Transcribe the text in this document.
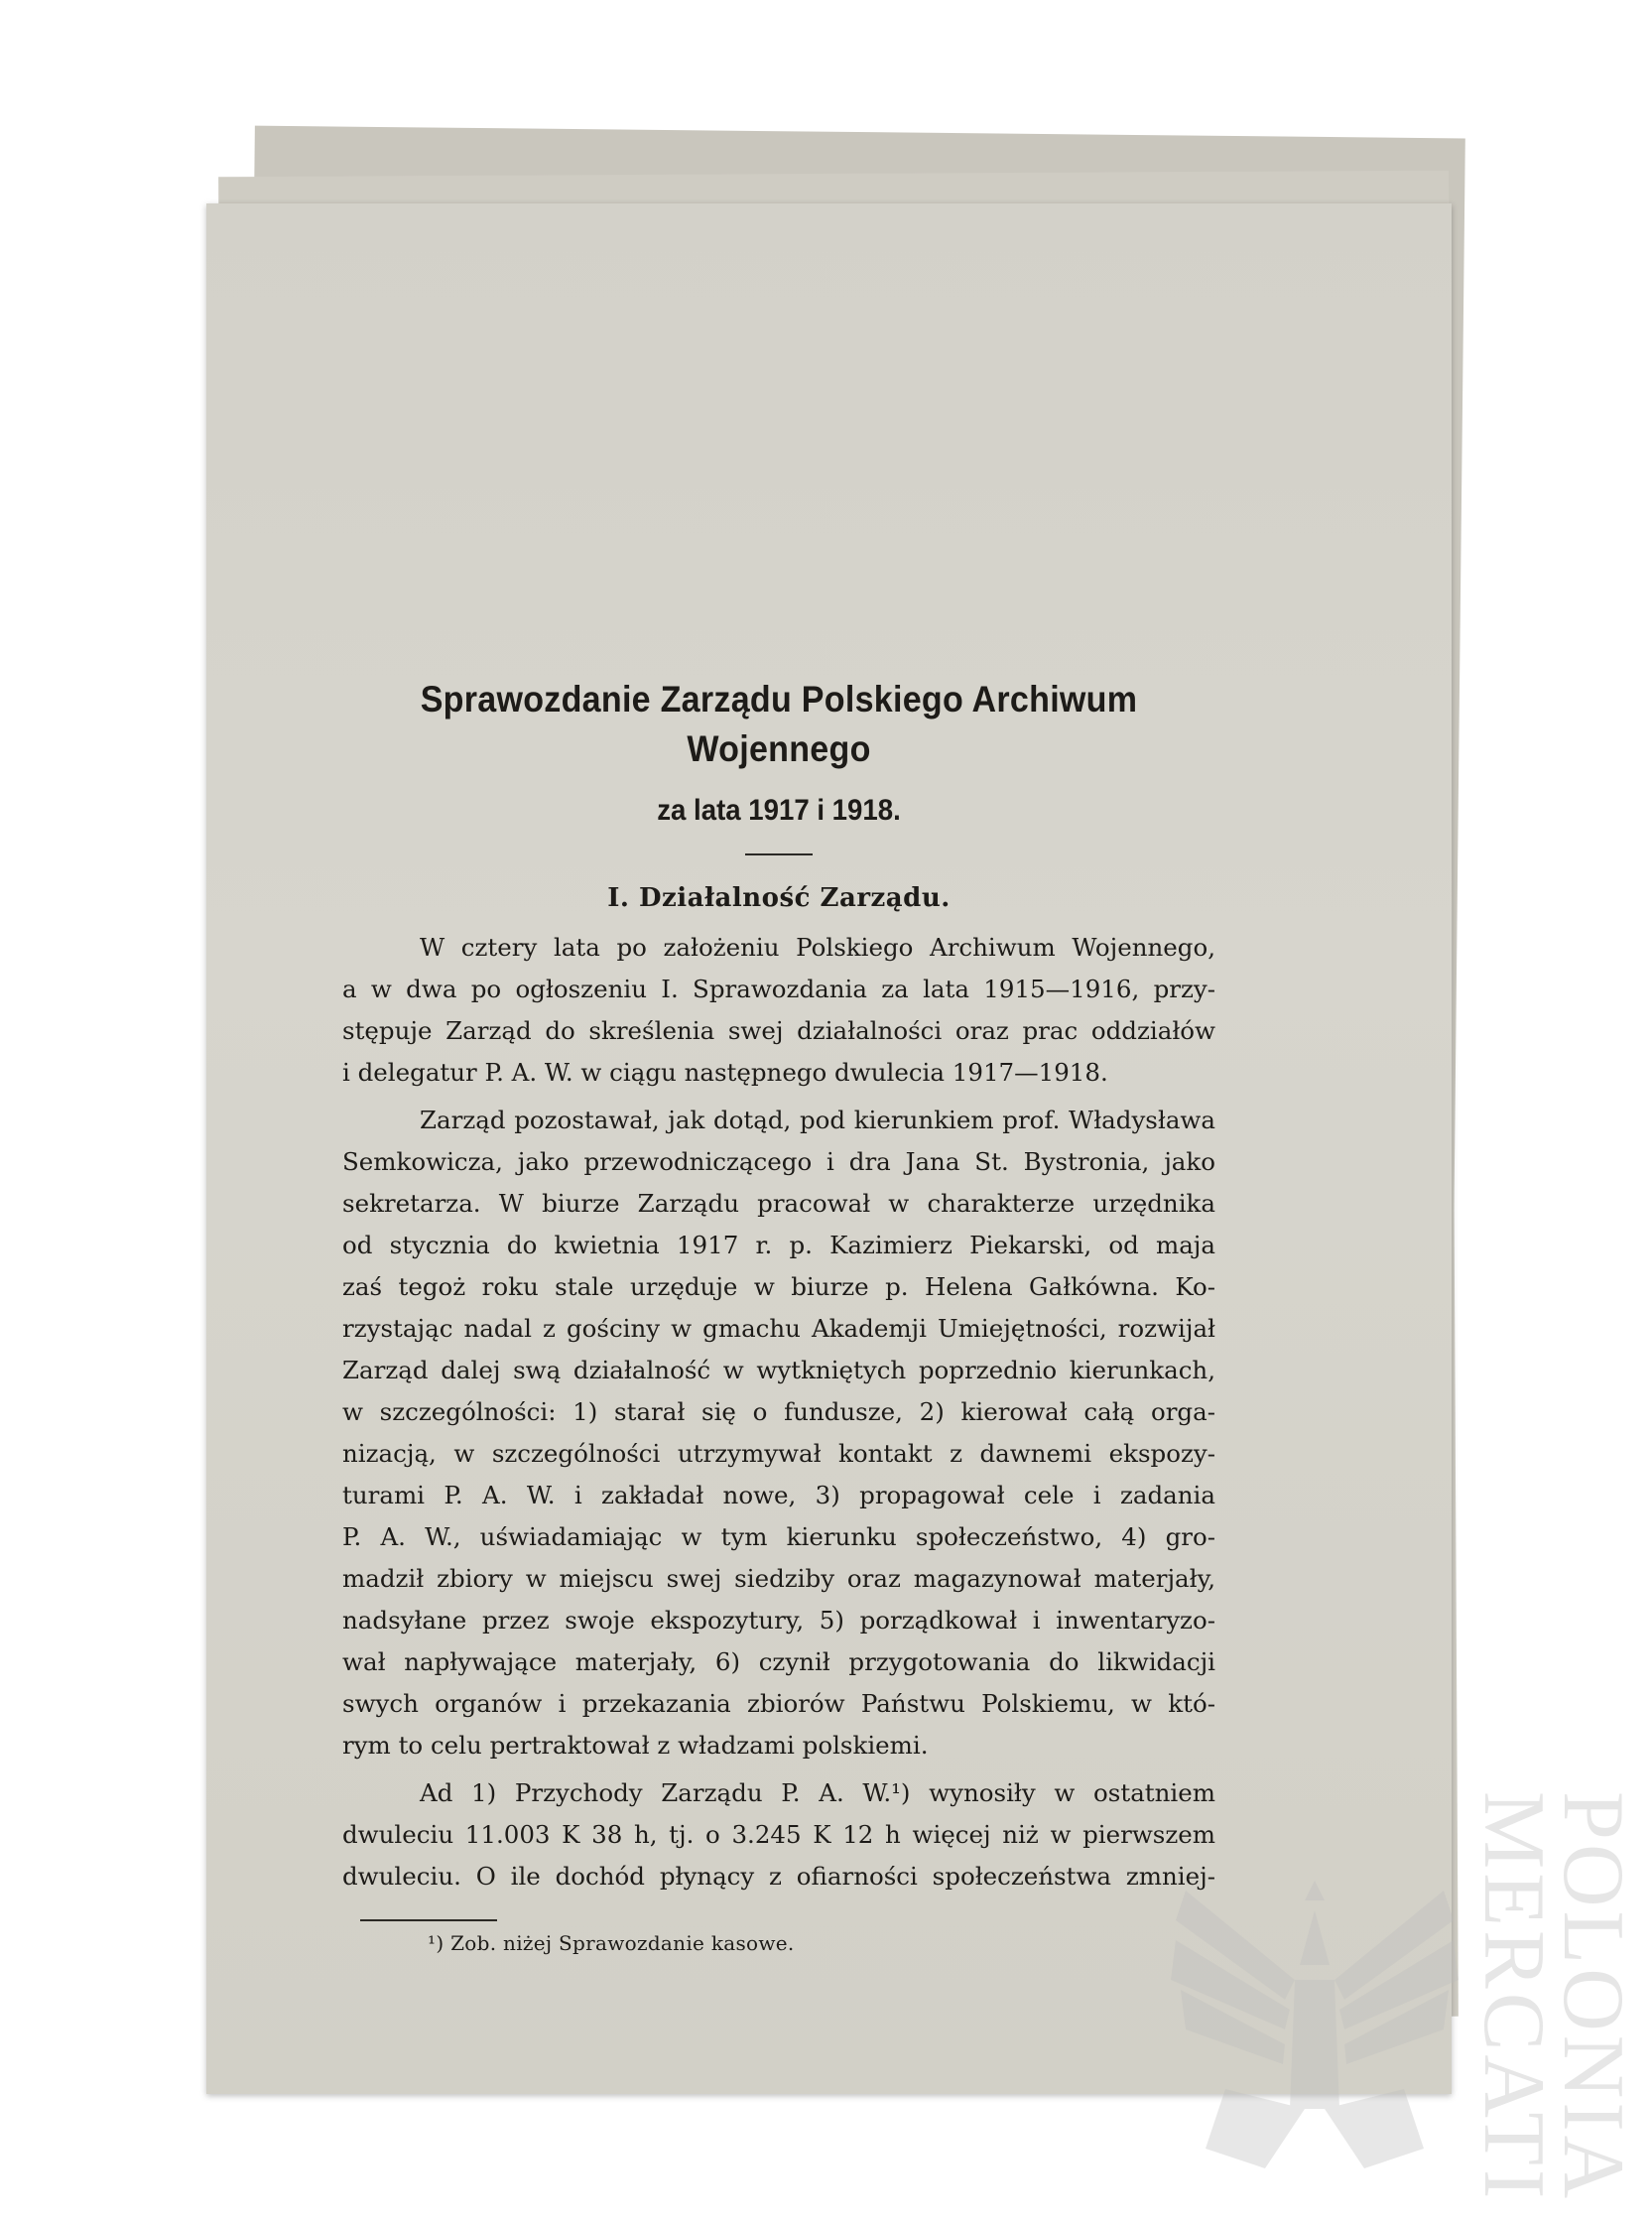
Sprawozdanie Zarządu Polskiego Archiwum Wojennego
za lata 1917 i 1918.
I. Działalność Zarządu.
W cztery lata po założeniu Polskiego Archiwum Wojennego,
a w dwa po ogłoszeniu I. Sprawozdania za lata 1915—1916, przy-
stępuje Zarząd do skreślenia swej działalności oraz prac oddziałów
i delegatur P. A. W. w ciągu następnego dwulecia 1917—1918.
Zarząd pozostawał, jak dotąd, pod kierunkiem prof. Władysława
Semkowicza, jako przewodniczącego i dra Jana St. Bystronia, jako
sekretarza. W biurze Zarządu pracował w charakterze urzędnika
od stycznia do kwietnia 1917 r. p. Kazimierz Piekarski, od maja
zaś tegoż roku stale urzęduje w biurze p. Helena Gałkówna. Ko-
rzystając nadal z gościny w gmachu Akademji Umiejętności, rozwijał
Zarząd dalej swą działalność w wytkniętych poprzednio kierunkach,
w szczególności: 1) starał się o fundusze, 2) kierował całą orga-
nizacją, w szczególności utrzymywał kontakt z dawnemi ekspozy-
turami P. A. W. i zakładał nowe, 3) propagował cele i zadania
P. A. W., uświadamiając w tym kierunku społeczeństwo, 4) gro-
madził zbiory w miejscu swej siedziby oraz magazynował materjały,
nadsyłane przez swoje ekspozytury, 5) porządkował i inwentaryzo-
wał napływające materjały, 6) czynił przygotowania do likwidacji
swych organów i przekazania zbiorów Państwu Polskiemu, w któ-
rym to celu pertraktował z władzami polskiemi.
Ad 1) Przychody Zarządu P. A. W.¹) wynosiły w ostatniem
dwuleciu 11.003 K 38 h, tj. o 3.245 K 12 h więcej niż w pierwszem
dwuleciu. O ile dochód płynący z ofiarności społeczeństwa zmniej-
¹) Zob. niżej Sprawozdanie kasowe.	MERCATI
POLONIA
